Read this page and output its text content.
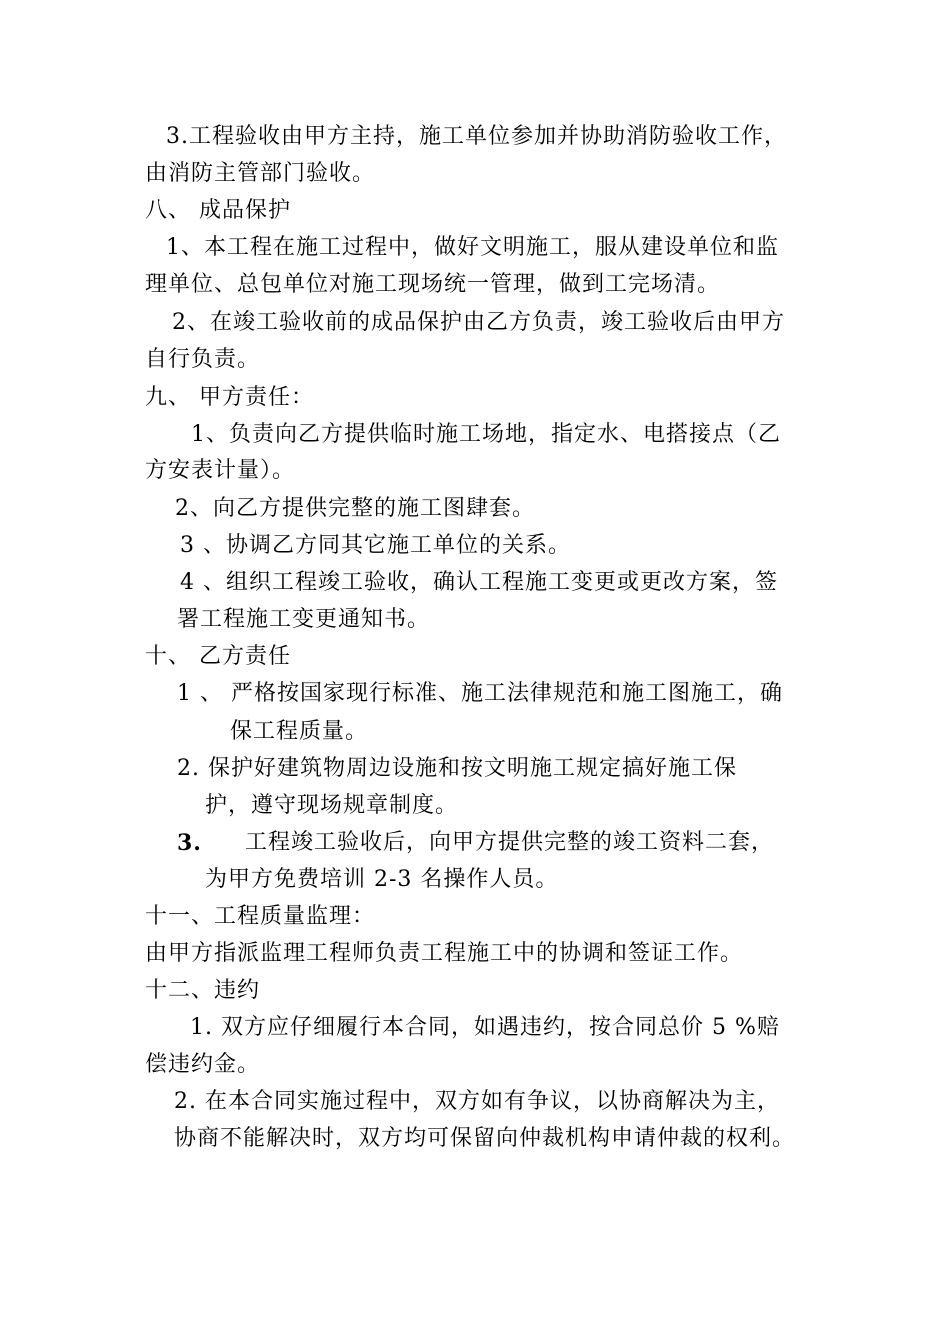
3.工程验收由甲方主持，施工单位参加并协助消防验收工作，
由消防主管部门验收。
八、 成品保护
1、本工程在施工过程中，做好文明施工，服从建设单位和监
理单位、总包单位对施工现场统一管理，做到工完场清。
2、在竣工验收前的成品保护由乙方负责，竣工验收后由甲方
自行负责。
九、 甲方责任：
1、负责向乙方提供临时施工场地，指定水、电搭接点（乙
方安表计量）。
2、向乙方提供完整的施工图肆套。
3 、协调乙方同其它施工单位的关系。
4 、组织工程竣工验收，确认工程施工变更或更改方案，签
署工程施工变更通知书。
十、 乙方责任
1 、 严格按国家现行标准、施工法律规范和施工图施工，确
保工程质量。
2. 保护好建筑物周边设施和按文明施工规定搞好施工保
护，遵守现场规章制度。
3. 工程竣工验收后，向甲方提供完整的竣工资料二套，
为甲方免费培训 2-3 名操作人员。
十一、工程质量监理：
由甲方指派监理工程师负责工程施工中的协调和签证工作。
十二、违约
1. 双方应仔细履行本合同，如遇违约，按合同总价 5 %赔
偿违约金。
2. 在本合同实施过程中，双方如有争议，以协商解决为主，
协商不能解决时，双方均可保留向仲裁机构申请仲裁的权利。
